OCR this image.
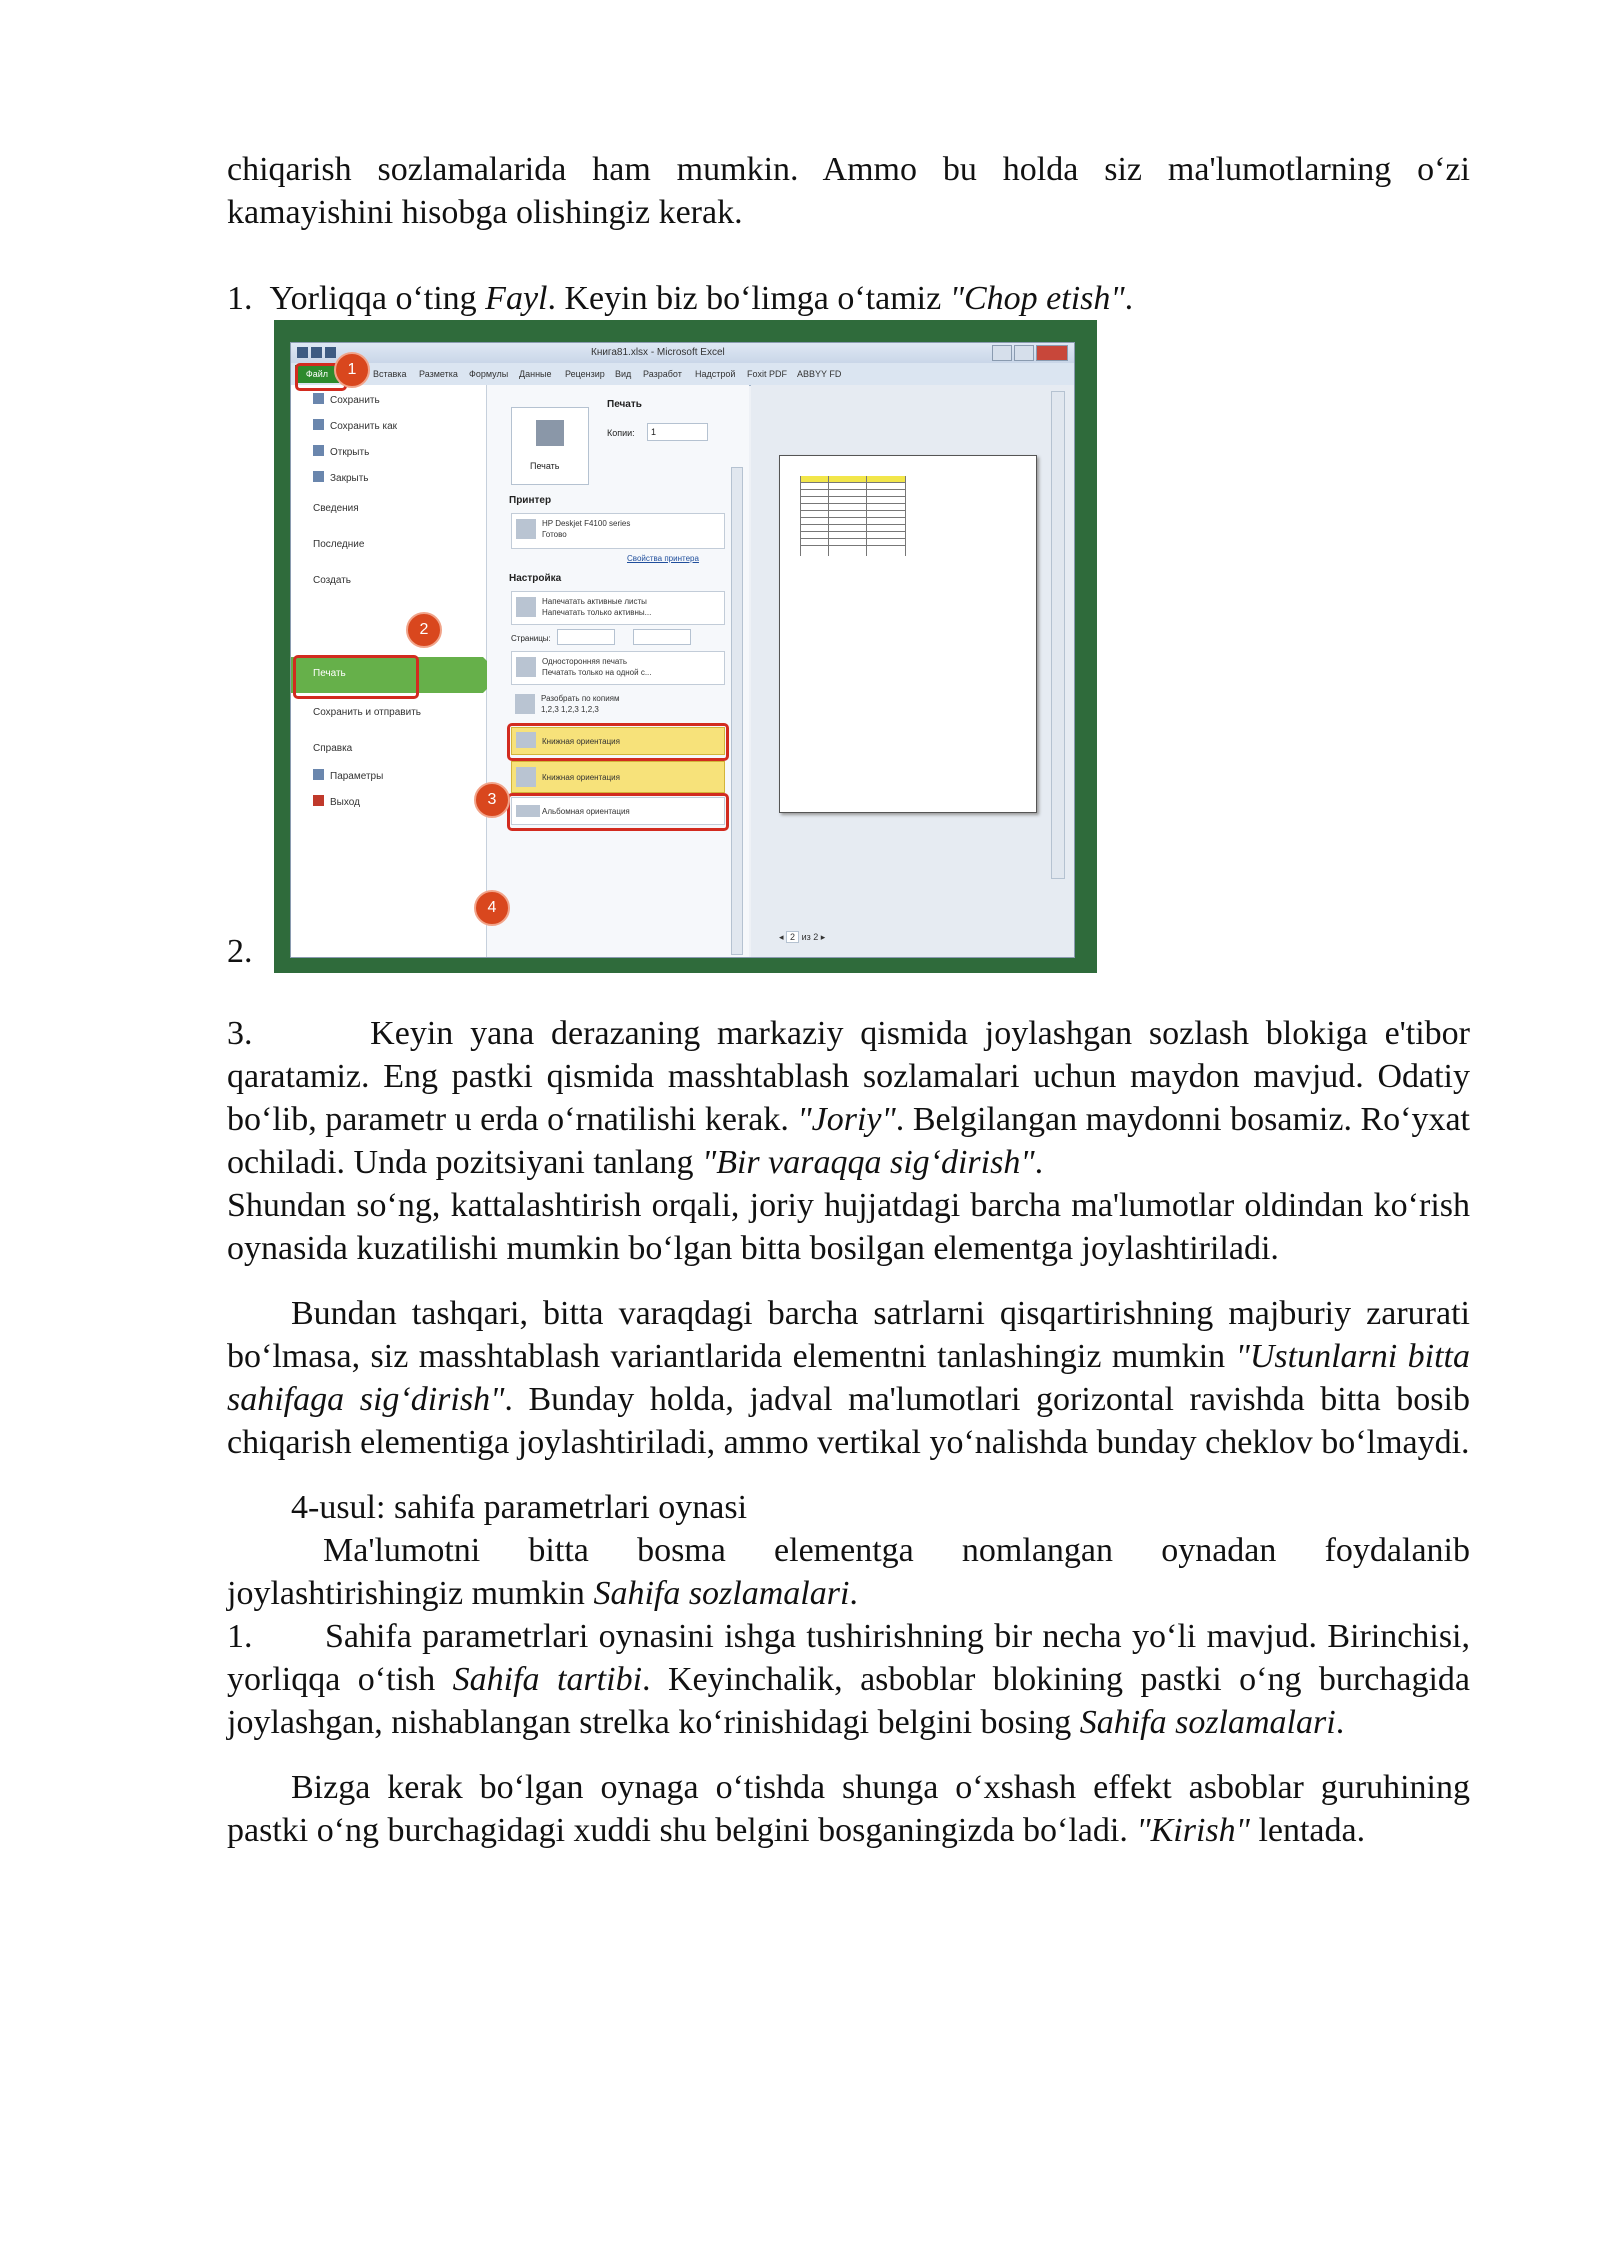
chiqarish sozlamalarida ham mumkin. Ammo bu holda siz ma'lumotlarning o‘zi

kamayishini hisobga olishingiz kerak.

1. Yorliqqa o‘ting Fayl. Keyin biz bo‘limga o‘tamiz "Chop etish".

2.
Книга81.xlsx - Microsoft Excel
Вставка Разметка Формулы Данные Рецензир Вид Разработ Надстрой Foxit PDF ABBYY FD
Файл
Сохранить
Сохранить как
Открыть
Закрыть
Сведения
Последние
Создать
Печать
Сохранить и отправить
Справка
Параметры
Выход
Печать
Печать
Копии:	1
Принтер
HP Deskjet F4100 series
Готово
Свойства принтера
Настройка
Напечатать активные листы
Напечатать только активны...
Страницы:
Односторонняя печать
Печатать только на одной с...
Разобрать по копиям
1,2,3 1,2,3 1,2,3
Книжная ориентация
Книжная ориентация
Альбомная ориентация
◂ 2 из 2 ▸
1
2
3
4

3.	Keyin yana derazaning markaziy qismida joylashgan sozlash blokiga e'tibor qaratamiz. Eng pastki qismida masshtablash sozlamalari uchun maydon mavjud. Odatiy bo‘lib, parametr u erda o‘rnatilishi kerak. "Joriy". Belgilangan maydonni bosamiz. Ro‘yxat ochiladi. Unda pozitsiyani tanlang "Bir varaqqa sig‘dirish".

Shundan so‘ng, kattalashtirish orqali, joriy hujjatdagi barcha ma'lumotlar oldindan ko‘rish oynasida kuzatilishi mumkin bo‘lgan bitta bosilgan elementga joylashtiriladi.

Bundan tashqari, bitta varaqdagi barcha satrlarni qisqartirishning majburiy zarurati bo‘lmasa, siz masshtablash variantlarida elementni tanlashingiz mumkin "Ustunlarni bitta sahifaga sig‘dirish". Bunday holda, jadval ma'lumotlari gorizontal ravishda bitta bosib chiqarish elementiga joylashtiriladi, ammo vertikal yo‘nalishda bunday cheklov bo‘lmaydi.

4-usul: sahifa parametrlari oynasi

Ma'lumotni bitta bosma elementga nomlangan oynadan foydalanib joylashtirishingiz mumkin Sahifa sozlamalari.

1. Sahifa parametrlari oynasini ishga tushirishning bir necha yo‘li mavjud. Birinchisi, yorliqqa o‘tish Sahifa tartibi. Keyinchalik, asboblar blokining pastki o‘ng burchagida joylashgan, nishablangan strelka ko‘rinishidagi belgini bosing Sahifa sozlamalari.

Bizga kerak bo‘lgan oynaga o‘tishda shunga o‘xshash effekt asboblar guruhining pastki o‘ng burchagidagi xuddi shu belgini bosganingizda bo‘ladi. "Kirish" lentada.
